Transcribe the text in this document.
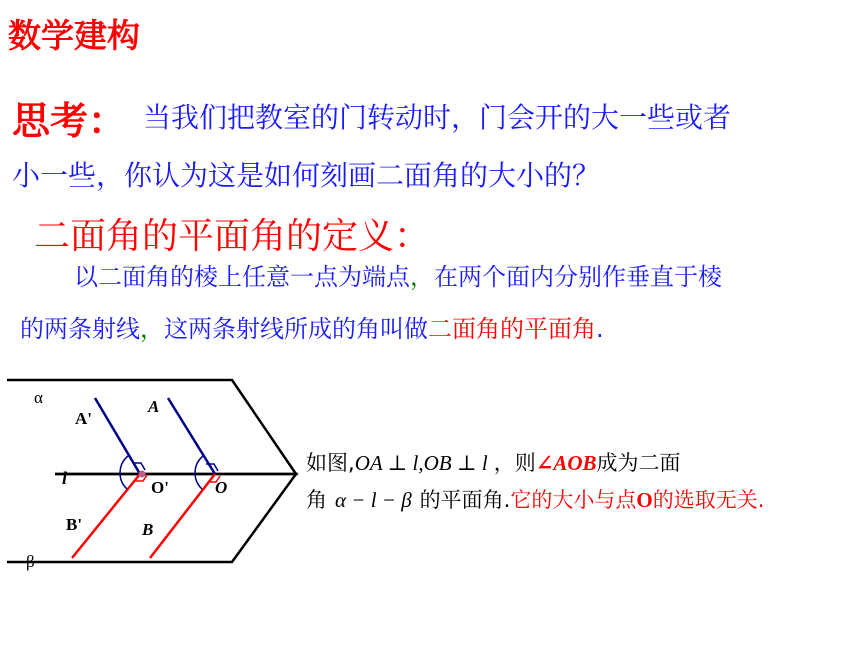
数学建构
思考： 当我们把教室的门转动时，门会开的大一些或者
小一些，你认为这是如何刻画二面角的大小的？
二面角的平面角的定义：
以二面角的棱上任意一点为端点，在两个面内分别作垂直于棱
的两条射线，这两条射线所成的角叫做二面角的平面角.
α
β
l
A'
A
O'	O
B'	B
如图,OA ⊥ l,OB ⊥ l ，则∠AOB成为二面
角 α − l − β 的平面角.它的大小与点O的选取无关.
